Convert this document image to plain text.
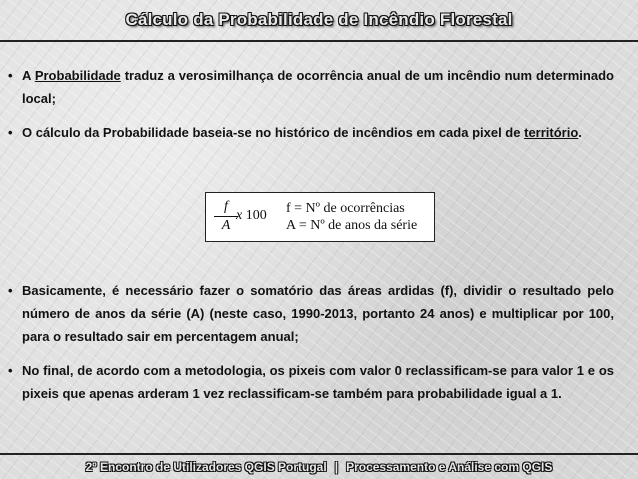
Cálculo da Probabilidade de Incêndio Florestal
• A Probabilidade traduz a verosimilhança de ocorrência anual de um incêndio num determinado local;
• O cálculo da Probabilidade baseia-se no histórico de incêndios em cada pixel de território.
$\frac{f}{A}$
x 100 f = Nº de ocorrências
A = Nº de anos da série
• Basicamente, é necessário fazer o somatório das áreas ardidas (f), dividir o resultado pelo número de anos da série (A) (neste caso, 1990-2013, portanto 24 anos) e multiplicar por 100, para o resultado sair em percentagem anual;
• No final, de acordo com a metodologia, os pixeis com valor 0 reclassificam-se para valor 1 e os pixeis que apenas arderam 1 vez reclassificam-se também para probabilidade igual a 1.
2º Encontro de Utilizadores QGIS Portugal | Processamento e Análise com QGIS
